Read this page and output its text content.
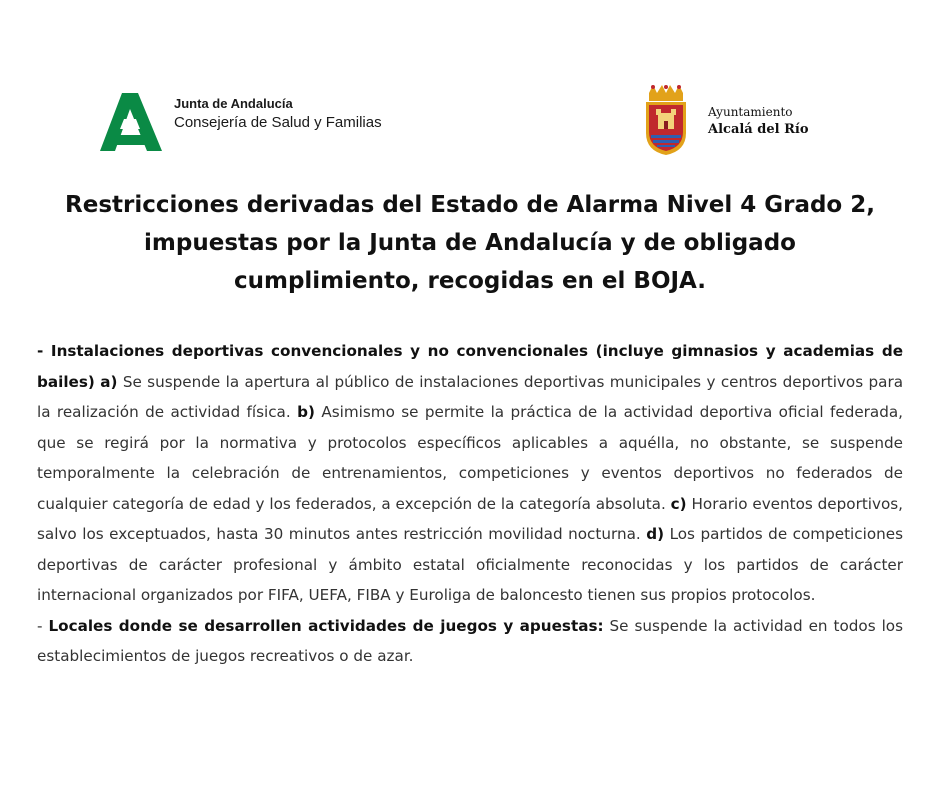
Junta de Andalucía
Consejería de Salud y Familias
Ayuntamiento
Alcalá del Río
Restricciones derivadas del Estado de Alarma Nivel 4 Grado 2, impuestas por la Junta de Andalucía y de obligado cumplimiento, recogidas en el BOJA.

- Instalaciones deportivas convencionales y no convencionales (incluye gimnasios y academias de bailes) a) Se suspende la apertura al público de instalaciones deportivas municipales y centros deportivos para la realización de actividad física. b) Asimismo se permite la práctica de la actividad deportiva oficial federada, que se regirá por la normativa y protocolos específicos aplicables a aquélla, no obstante, se suspende temporalmente la celebración de entrenamientos, competiciones y eventos deportivos no federados de cualquier categoría de edad y los federados, a excepción de la categoría absoluta. c) Horario eventos deportivos, salvo los exceptuados, hasta 30 minutos antes restricción movilidad nocturna. d) Los partidos de competiciones deportivas de carácter profesional y ámbito estatal oficialmente reconocidas y los partidos de carácter internacional organizados por FIFA, UEFA, FIBA y Euroliga de baloncesto tienen sus propios protocolos.

- Locales donde se desarrollen actividades de juegos y apuestas: Se suspende la actividad en todos los establecimientos de juegos recreativos o de azar.
